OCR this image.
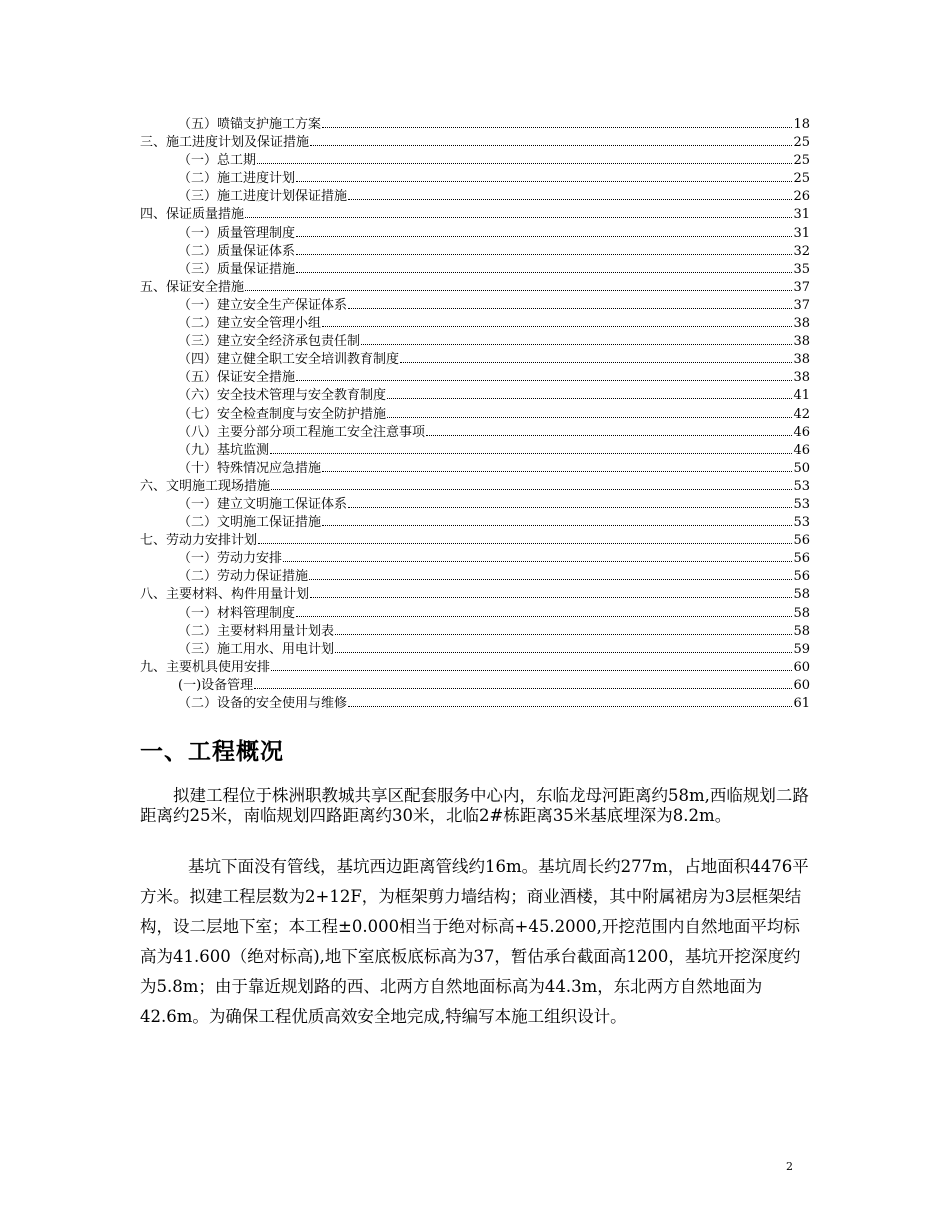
（五）喷锚支护施工方案	18
三、施工进度计划及保证措施	25
（一）总工期	25
（二）施工进度计划	25
（三）施工进度计划保证措施	26
四、保证质量措施	31
（一）质量管理制度	31
（二）质量保证体系	32
（三）质量保证措施	35
五、保证安全措施	37
（一）建立安全生产保证体系	37
（二）建立安全管理小组	38
（三）建立安全经济承包责任制	38
（四）建立健全职工安全培训教育制度	38
（五）保证安全措施	38
（六）安全技术管理与安全教育制度	41
（七）安全检查制度与安全防护措施	42
（八）主要分部分项工程施工安全注意事项	46
（九）基坑监测	46
（十）特殊情况应急措施	50
六、文明施工现场措施	53
（一）建立文明施工保证体系	53
（二）文明施工保证措施	53
七、劳动力安排计划	56
（一）劳动力安排	56
（二）劳动力保证措施	56
八、主要材料、构件用量计划	58
（一）材料管理制度	58
（二）主要材料用量计划表	58
（三）施工用水、用电计划	59
九、主要机具使用安排	60
(一)设备管理	60
（二）设备的安全使用与维修	61
一、工程概况
拟建工程位于株洲职教城共享区配套服务中心内，东临龙母河距离约58m,西临规划二路距离约25米，南临规划四路距离约30米，北临2#栋距离35米基底埋深为8.2m。
基坑下面没有管线，基坑西边距离管线约16m。基坑周长约277m，占地面积4476平方米。拟建工程层数为2+12F，为框架剪力墙结构；商业酒楼，其中附属裙房为3层框架结构，设二层地下室；本工程±0.000相当于绝对标高+45.2000,开挖范围内自然地面平均标高为41.600（绝对标高),地下室底板底标高为37，暂估承台截面高1200，基坑开挖深度约为5.8m；由于靠近规划路的西、北两方自然地面标高为44.3m，东北两方自然地面为42.6m。为确保工程优质高效安全地完成,特编写本施工组织设计。
2
